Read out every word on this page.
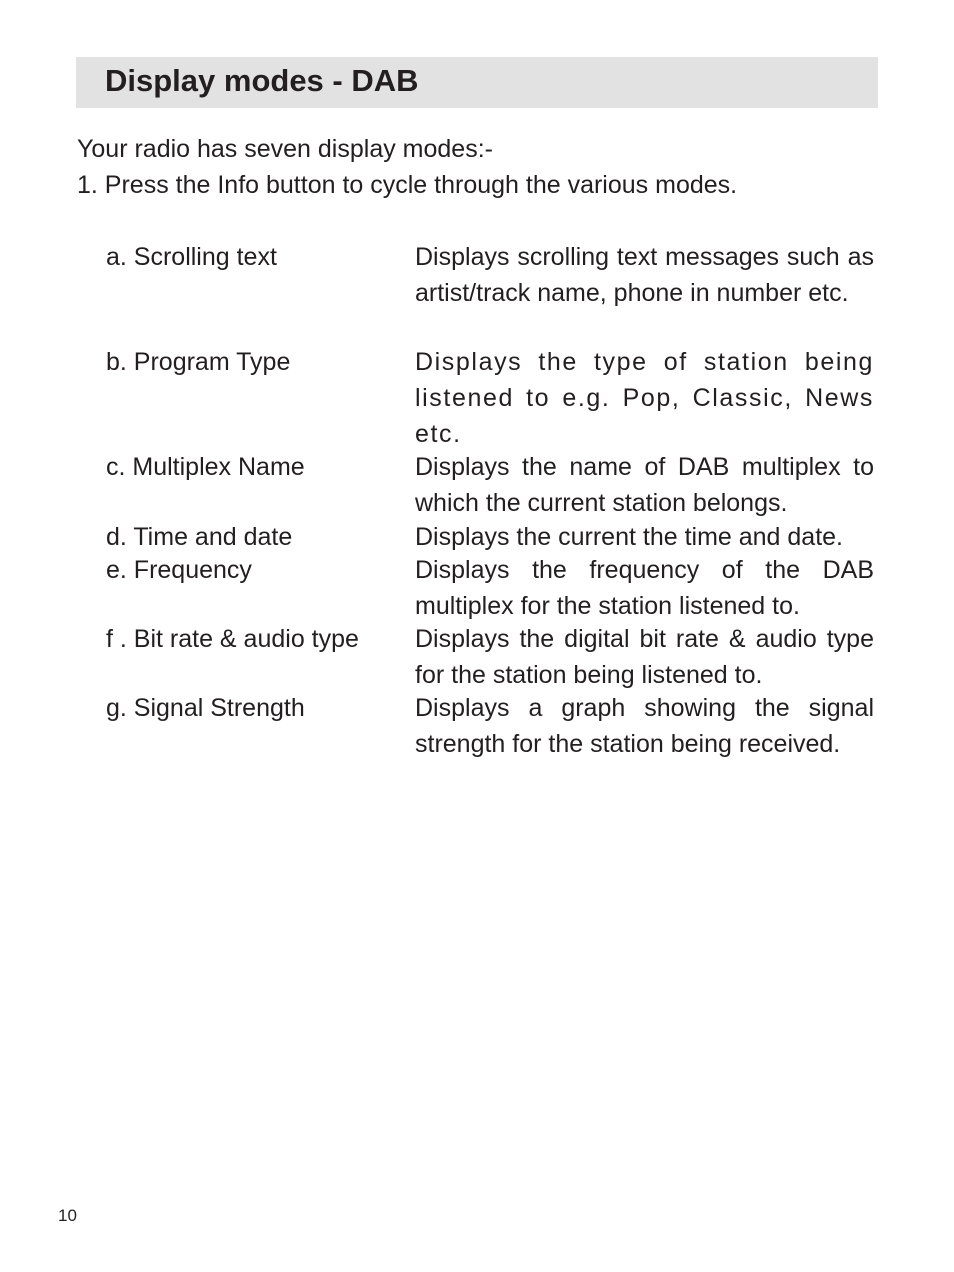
Display modes - DAB

Your radio has seven display modes:-

1. Press the Info button to cycle through the various modes.

a. Scrolling text	Displays scrolling text messages such as artist/track name, phone in number etc.
b. Program Type	Displays the type of station being listened to e.g. Pop, Classic, News etc.
c. Multiplex Name	Displays the name of DAB multiplex to which the current station belongs.
d. Time and date	Displays the current the time and date.
e. Frequency	Displays the frequency of the DAB multiplex for the station listened to.
f . Bit rate & audio type Displays the digital bit rate & audio type for the station being listened to.
g. Signal Strength	Displays a graph showing the signal strength for the station being received.
10
